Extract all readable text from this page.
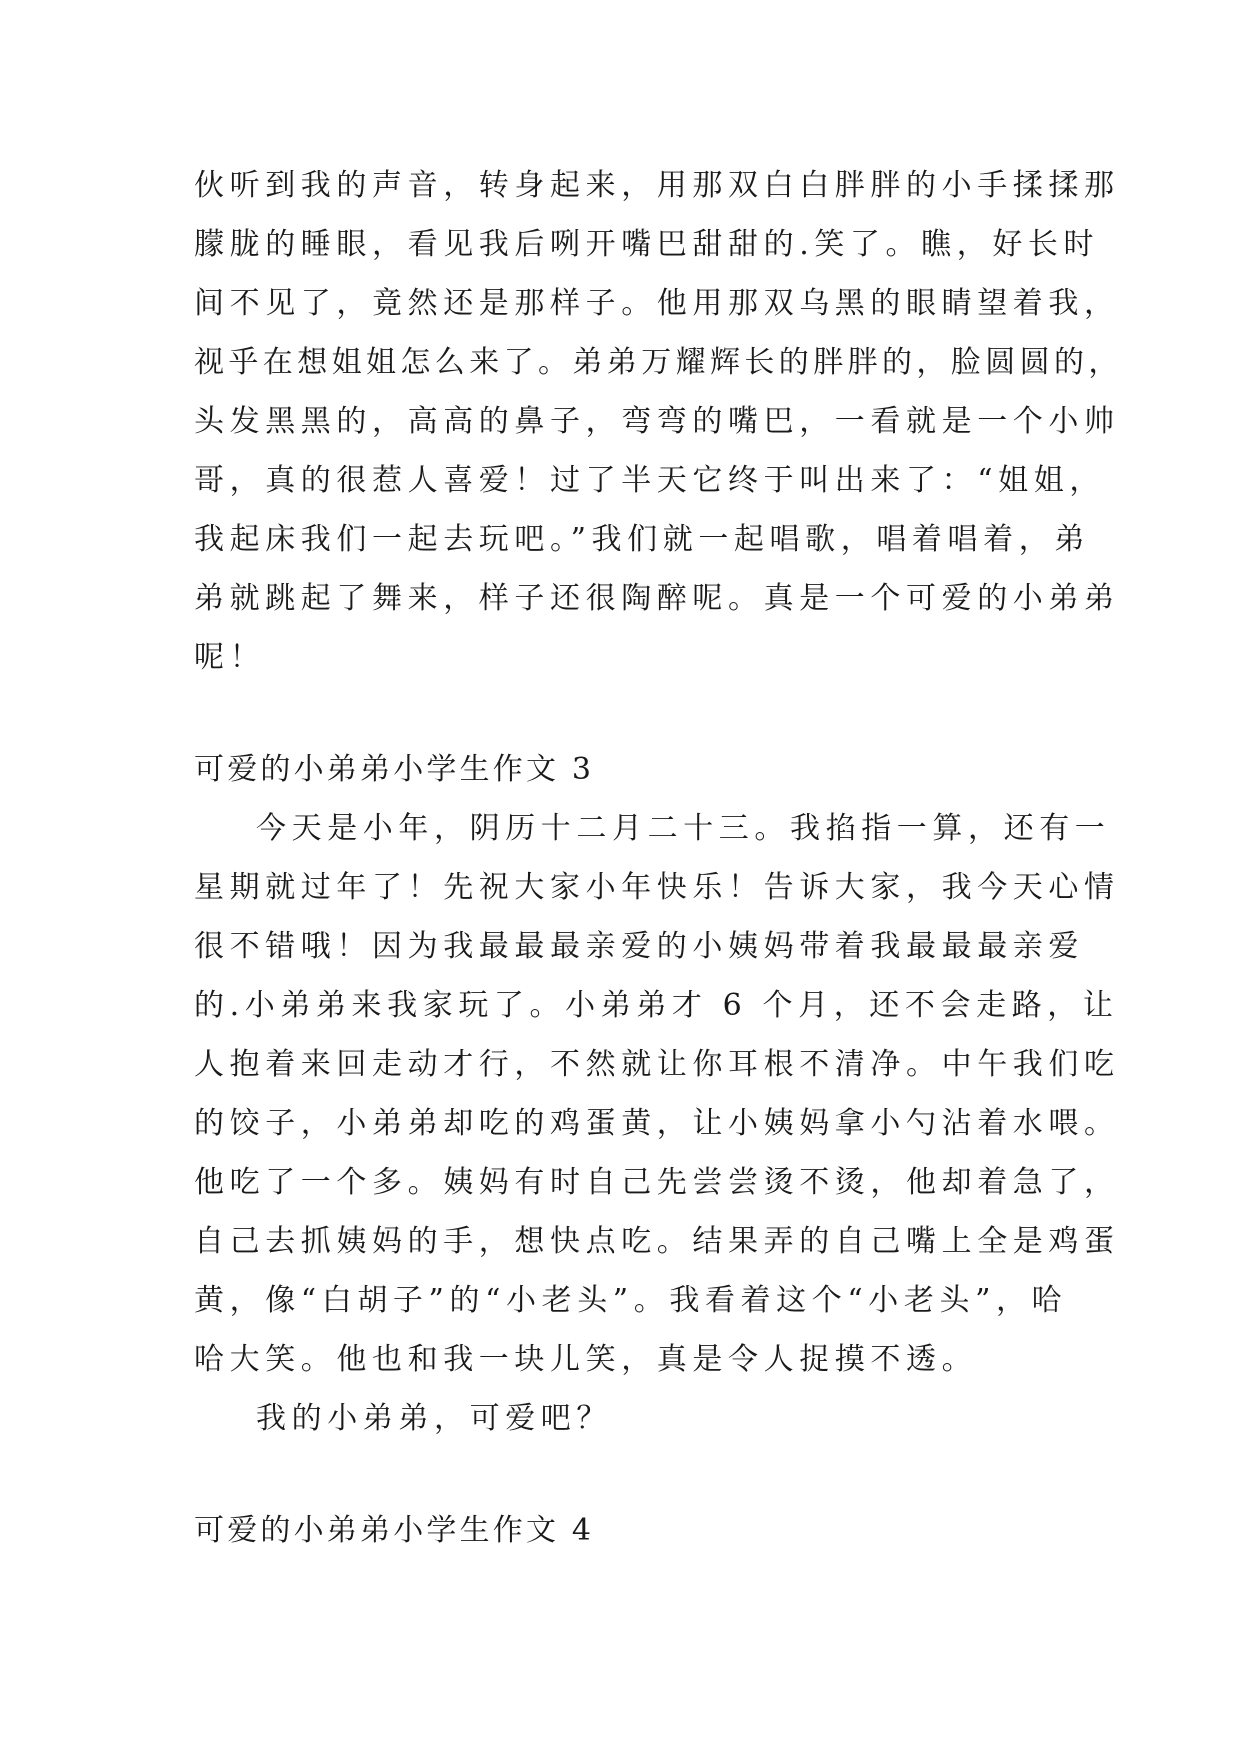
伙听到我的声音，转身起来，用那双白白胖胖的小手揉揉那
朦胧的睡眼，看见我后咧开嘴巴甜甜的.笑了。瞧，好长时
间不见了，竟然还是那样子。他用那双乌黑的眼睛望着我，
视乎在想姐姐怎么来了。弟弟万耀辉长的胖胖的，脸圆圆的，
头发黑黑的，高高的鼻子，弯弯的嘴巴，一看就是一个小帅
哥，真的很惹人喜爱！过了半天它终于叫出来了：“姐姐，
我起床我们一起去玩吧。”我们就一起唱歌，唱着唱着，弟
弟就跳起了舞来，样子还很陶醉呢。真是一个可爱的小弟弟
呢！
可爱的小弟弟小学生作文 3
今天是小年，阴历十二月二十三。我掐指一算，还有一
星期就过年了！先祝大家小年快乐！告诉大家，我今天心情
很不错哦！因为我最最最亲爱的小姨妈带着我最最最亲爱
的.小弟弟来我家玩了。小弟弟才 6 个月，还不会走路，让
人抱着来回走动才行，不然就让你耳根不清净。中午我们吃
的饺子，小弟弟却吃的鸡蛋黄，让小姨妈拿小勺沾着水喂。
他吃了一个多。姨妈有时自己先尝尝烫不烫，他却着急了，
自己去抓姨妈的手，想快点吃。结果弄的自己嘴上全是鸡蛋
黄，像“白胡子”的“小老头”。我看着这个“小老头”，哈
哈大笑。他也和我一块儿笑，真是令人捉摸不透。
我的小弟弟，可爱吧？
可爱的小弟弟小学生作文 4
